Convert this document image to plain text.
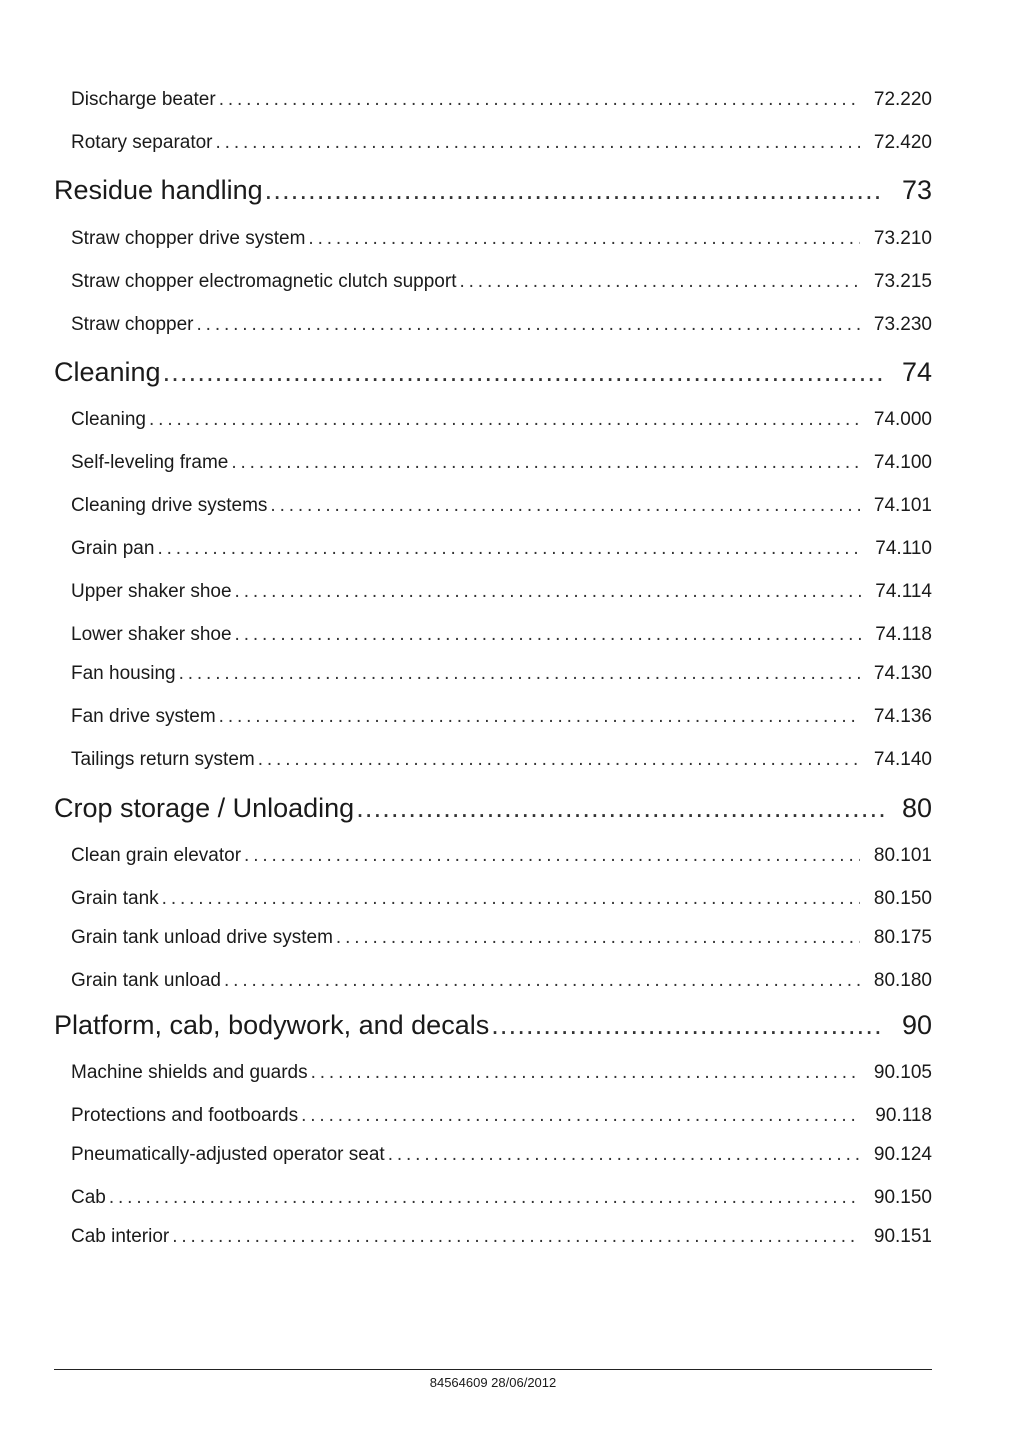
Discharge beater . . .	72.220
Rotary separator . . .	72.420
Residue handling .....	73
Straw chopper drive system . . .	73.210
Straw chopper electromagnetic clutch support . . .	73.215
Straw chopper . . .	73.230
Cleaning .....	74
Cleaning . . .	74.000
Self-leveling frame . . .	74.100
Cleaning drive systems . . .	74.101
Grain pan . . .	74.110
Upper shaker shoe . . .	74.114
Lower shaker shoe . . .	74.118
Fan housing . . .	74.130
Fan drive system . . .	74.136
Tailings return system . . .	74.140
Crop storage / Unloading .....	80
Clean grain elevator . . .	80.101
Grain tank . . .	80.150
Grain tank unload drive system . . .	80.175
Grain tank unload . . .	80.180
Platform, cab, bodywork, and decals .....	90
Machine shields and guards . . .	90.105
Protections and footboards . . .	90.118
Pneumatically-adjusted operator seat . . .	90.124
Cab . . .	90.150
Cab interior . . .	90.151
84564609 28/06/2012
